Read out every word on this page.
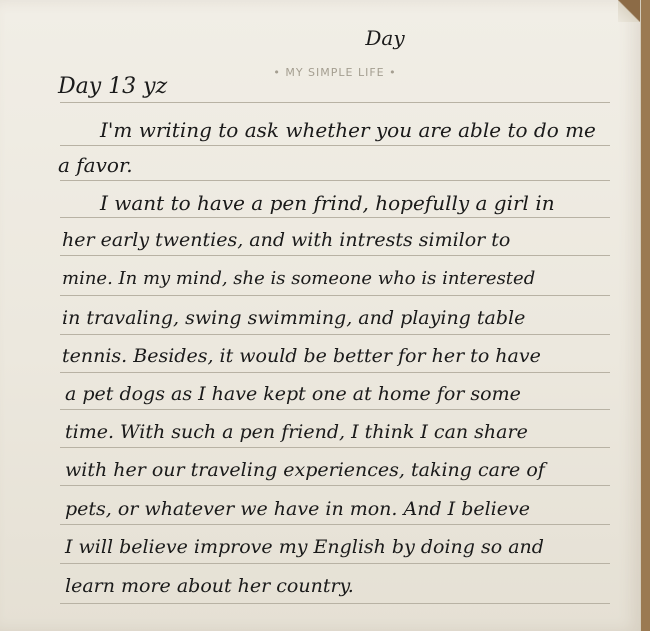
Day
• MY SIMPLE LIFE •
Day 13 yz
I'm writing to ask whether you are able to do me
a favor.
I want to have a pen frind, hopefully a girl in
her early twenties, and with intrests similor to
mine. In my mind, she is someone who is interested
in travaling, swing swimming, and playing table
tennis. Besides, it would be better for her to have
a pet dogs as I have kept one at home for some
time. With such a pen friend, I think I can share
with her our traveling experiences, taking care of
pets, or whatever we have in mon. And I believe
I will believe improve my English by doing so and
learn more about her country.
